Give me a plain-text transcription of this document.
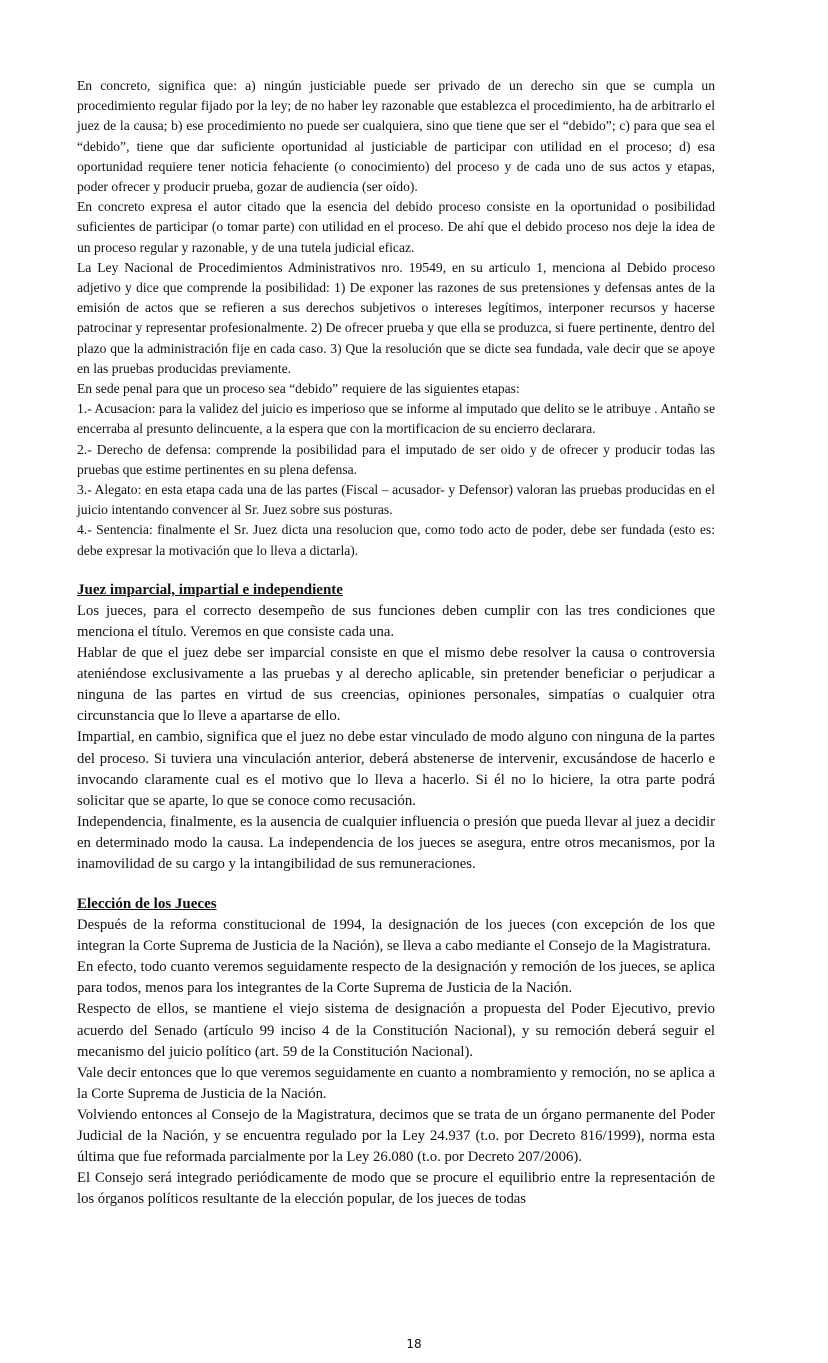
En concreto, significa que: a) ningún justiciable puede ser privado de un derecho sin que se cumpla un procedimiento regular fijado por la ley; de no haber ley razonable que establezca el procedimiento, ha de arbitrarlo el juez de la causa; b) ese procedimiento no puede ser cualquiera, sino que tiene que ser el “debido”; c) para que sea el “debido”, tiene que dar suficiente oportunidad al justiciable de participar con utilidad en el proceso; d) esa oportunidad requiere tener noticia fehaciente (o conocimiento) del proceso y de cada uno de sus actos y etapas, poder ofrecer y producir prueba, gozar de audiencia (ser oído).

En concreto expresa el autor citado que la esencia del debido proceso consiste en la oportunidad o posibilidad suficientes de participar (o tomar parte) con utilidad en el proceso. De ahí que el debido proceso nos deje la idea de un proceso regular y razonable, y de una tutela judicial eficaz.

La Ley Nacional de Procedimientos Administrativos nro. 19549, en su articulo 1, menciona al Debido proceso adjetivo y dice que comprende la posibilidad: 1) De exponer las razones de sus pretensiones y defensas antes de la emisión de actos que se refieren a sus derechos subjetivos o intereses legítimos, interponer recursos y hacerse patrocinar y representar profesionalmente. 2) De ofrecer prueba y que ella se produzca, si fuere pertinente, dentro del plazo que la administración fije en cada caso. 3) Que la resolución que se dicte sea fundada, vale decir que se apoye en las pruebas producidas previamente.

En sede penal para que un proceso sea “debido” requiere de las siguientes etapas:

1.- Acusacion: para la validez del juicio es imperioso que se informe al imputado que delito se le atribuye . Antaño se encerraba al presunto delincuente, a la espera que con la mortificacion de su encierro declarara.

2.- Derecho de defensa: comprende la posibilidad para el imputado de ser oido y de ofrecer y producir todas las pruebas que estime pertinentes en su plena defensa.

3.- Alegato: en esta etapa cada una de las partes (Fiscal – acusador- y Defensor) valoran las pruebas producidas en el juicio intentando convencer al Sr. Juez sobre sus posturas.

4.- Sentencia: finalmente el Sr. Juez dicta una resolucion que, como todo acto de poder, debe ser fundada (esto es: debe expresar la motivación que lo lleva a dictarla).

Juez imparcial, impartial e independiente

Los jueces, para el correcto desempeño de sus funciones deben cumplir con las tres condiciones que menciona el título. Veremos en que consiste cada una.

Hablar de que el juez debe ser imparcial consiste en que el mismo debe resolver la causa o controversia ateniéndose exclusivamente a las pruebas y al derecho aplicable, sin pretender beneficiar o perjudicar a ninguna de las partes en virtud de sus creencias, opiniones personales, simpatías o cualquier otra circunstancia que lo lleve a apartarse de ello.

Impartial, en cambio, significa que el juez no debe estar vinculado de modo alguno con ninguna de la partes del proceso. Si tuviera una vinculación anterior, deberá abstenerse de intervenir, excusándose de hacerlo e invocando claramente cual es el motivo que lo lleva a hacerlo. Si él no lo hiciere, la otra parte podrá solicitar que se aparte, lo que se conoce como recusación.

Independencia, finalmente, es la ausencia de cualquier influencia o presión que pueda llevar al juez a decidir en determinado modo la causa. La independencia de los jueces se asegura, entre otros mecanismos, por la inamovilidad de su cargo y la intangibilidad de sus remuneraciones.

Elección de los Jueces

Después de la reforma constitucional de 1994, la designación de los jueces (con excepción de los que integran la Corte Suprema de Justicia de la Nación), se lleva a cabo mediante el Consejo de la Magistratura.

En efecto, todo cuanto veremos seguidamente respecto de la designación y remoción de los jueces, se aplica para todos, menos para los integrantes de la Corte Suprema de Justicia de la Nación.

Respecto de ellos, se mantiene el viejo sistema de designación a propuesta del Poder Ejecutivo, previo acuerdo del Senado (artículo 99 inciso 4 de la Constitución Nacional), y su remoción deberá seguir el mecanismo del juicio político (art. 59 de la Constitución Nacional).

Vale decir entonces que lo que veremos seguidamente en cuanto a nombramiento y remoción, no se aplica a la Corte Suprema de Justicia de la Nación.

Volviendo entonces al Consejo de la Magistratura, decimos que se trata de un órgano permanente del Poder Judicial de la Nación, y se encuentra regulado por la Ley 24.937 (t.o. por Decreto 816/1999), norma esta última que fue reformada parcialmente por la Ley 26.080 (t.o. por Decreto 207/2006).

El Consejo será integrado periódicamente de modo que se procure el equilibrio entre la representación de los órganos políticos resultante de la elección popular, de los jueces de todas

18
